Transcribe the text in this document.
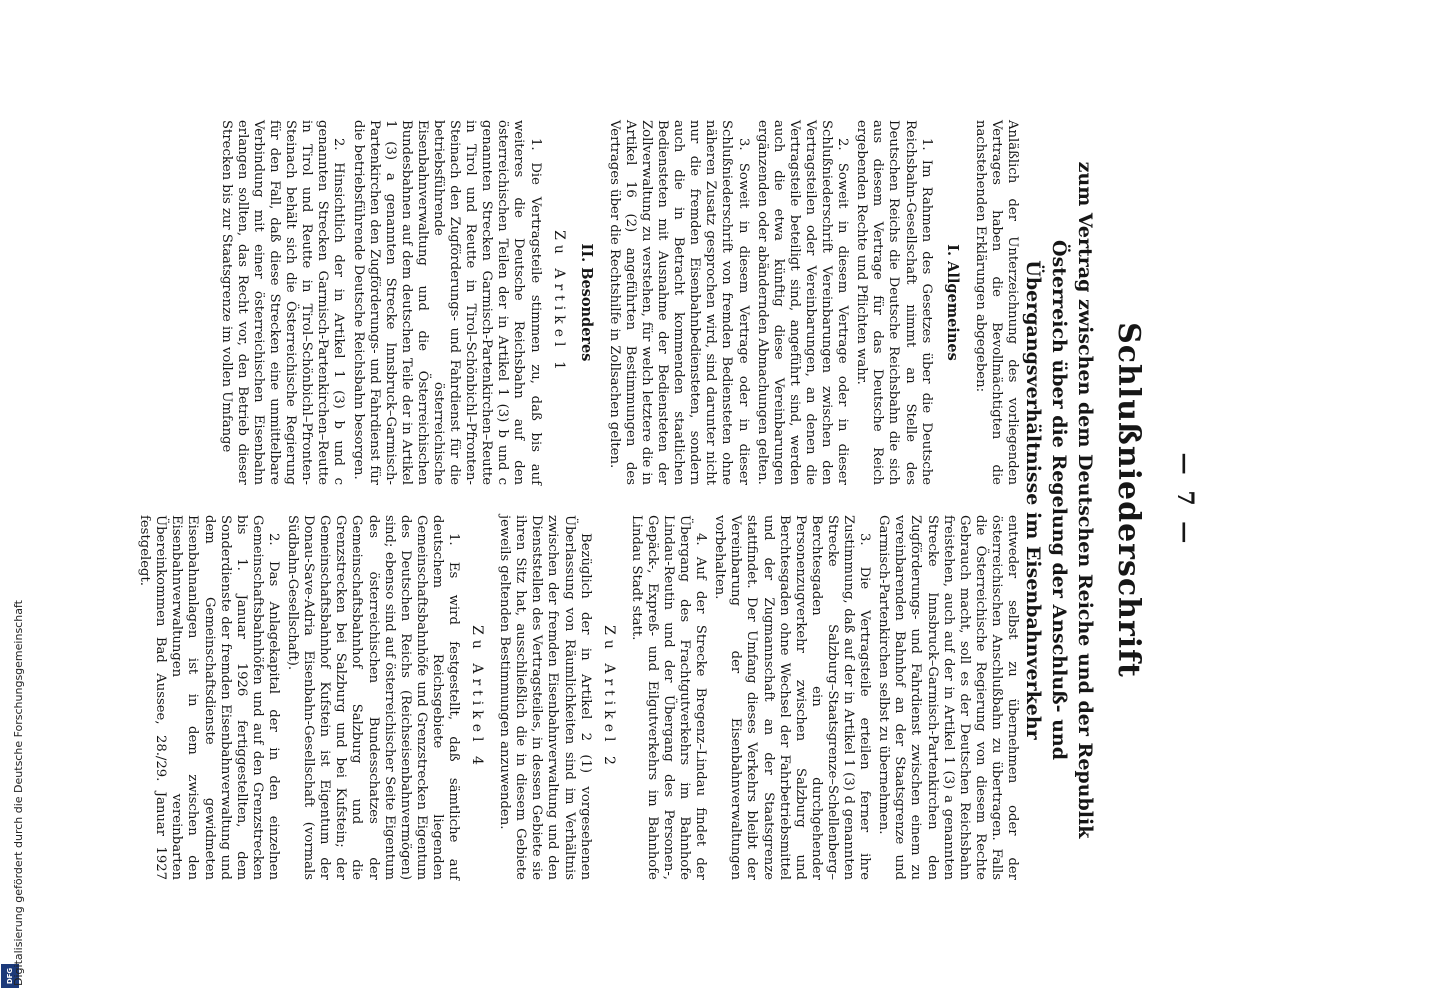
DFG
Digitalisierung gefördert durch die Deutsche Forschungsgemeinschaft
— 7 —
Schlußniederschrift
zum Vertrag zwischen dem Deutschen Reiche und der Republik Österreich über die Regelung der Anschluß- und Übergangsverhältnisse im Eisenbahnverkehr

Anläßlich der Unterzeichnung des vorliegenden Vertrages haben die Bevollmächtigten die nachstehenden Erklärungen abgegeben:

I. Allgemeines

1. Im Rahmen des Gesetzes über die Deutsche Reichsbahn-Gesellschaft nimmt an Stelle des Deutschen Reichs die Deutsche Reichsbahn die sich aus diesem Vertrage für das Deutsche Reich ergebenden Rechte und Pflichten wahr.

2. Soweit in diesem Vertrage oder in dieser Schlußniederschrift Vereinbarungen zwischen den Vertragsteilen oder Vereinbarungen, an denen die Vertragsteile beteiligt sind, angeführt sind, werden auch die etwa künftig diese Vereinbarungen ergänzenden oder abändernden Abmachungen gelten.

3. Soweit in diesem Vertrage oder in dieser Schlußniederschrift von fremden Bediensteten ohne näheren Zusatz gesprochen wird, sind darunter nicht nur die fremden Eisenbahnbediensteten, sondern auch die in Betracht kommenden staatlichen Bediensteten mit Ausnahme der Bediensteten der Zollverwaltung zu verstehen, für welch letztere die in Artikel 16 (2) angeführten Bestimmungen des Vertrages über die Rechtshilfe in Zollsachen gelten.

II. Besonderes
Zu Artikel 1

1. Die Vertragsteile stimmen zu, daß bis auf weiteres die Deutsche Reichsbahn auf den österreichischen Teilen der in Artikel 1 (3) b und c genannten Strecken Garmisch-Partenkirchen–Reutte in Tirol und Reutte in Tirol–Schönbichl–Pfronten-Steinach den Zugförderungs- und Fahrdienst für die betriebsführende österreichische Eisenbahnverwaltung und die Österreichischen Bundesbahnen auf dem deutschen Teile der in Artikel 1 (3) a genannten Strecke Innsbruck–Garmisch-Partenkirchen den Zugförderungs- und Fahrdienst für die betriebsführende Deutsche Reichsbahn besorgen.

2. Hinsichtlich der in Artikel 1 (3) b und c genannten Strecken Garmisch-Partenkirchen–Reutte in Tirol und Reutte in Tirol–Schönbichl–Pfronten-Steinach behält sich die Österreichische Regierung für den Fall, daß diese Strecken eine unmittelbare Verbindung mit einer österreichischen Eisenbahn erlangen sollten, das Recht vor, den Betrieb dieser Strecken bis zur Staatsgrenze im vollen Umfange

entweder selbst zu übernehmen oder der österreichischen Anschlußbahn zu übertragen. Falls die Österreichische Regierung von diesem Rechte Gebrauch macht, soll es der Deutschen Reichsbahn freistehen, auch auf der in Artikel 1 (3) a genannten Strecke Innsbruck–Garmisch-Partenkirchen den Zugförderungs- und Fahrdienst zwischen einem zu vereinbarenden Bahnhof an der Staatsgrenze und Garmisch-Partenkirchen selbst zu übernehmen.

3. Die Vertragsteile erteilen ferner ihre Zustimmung, daß auf der in Artikel 1 (3) d genannten Strecke Salzburg–Staatsgrenze–Schellenberg–Berchtesgaden ein durchgehender Personenzugverkehr zwischen Salzburg und Berchtesgaden ohne Wechsel der Fahrbetriebsmittel und der Zugmannschaft an der Staatsgrenze stattfindet. Der Umfang dieses Verkehrs bleibt der Vereinbarung der Eisenbahnverwaltungen vorbehalten.

4. Auf der Strecke Bregenz–Lindau findet der Übergang des Frachtgutverkehrs im Bahnhofe Lindau-Reutin und der Übergang des Personen-, Gepäck-, Expreß- und Eilgutverkehrs im Bahnhofe Lindau Stadt statt.

Zu Artikel 2

Bezüglich der in Artikel 2 (1) vorgesehenen Überlassung von Räumlichkeiten sind im Verhältnis zwischen der fremden Eisenbahnverwaltung und den Dienststellen des Vertragsteiles, in dessen Gebiete sie ihren Sitz hat, ausschließlich die in diesem Gebiete jeweils geltenden Bestimmungen anzuwenden.

Zu Artikel 4

1. Es wird festgestellt, daß sämtliche auf deutschem Reichsgebiete liegenden Gemeinschaftsbahnhöfe und Grenzstrecken Eigentum des Deutschen Reichs (Reichseisenbahnvermögen) sind; ebenso sind auf österreichischer Seite Eigentum des österreichischen Bundesschatzes der Gemeinschaftsbahnhof Salzburg und die Grenzstrecken bei Salzburg und bei Kufstein; der Gemeinschaftsbahnhof Kufstein ist Eigentum der Donau-Save-Adria Eisenbahn-Gesellschaft (vormals Südbahn-Gesellschaft).

2. Das Anlagekapital der in den einzelnen Gemeinschaftsbahnhöfen und auf den Grenzstrecken bis 1. Januar 1926 fertiggestellten, dem Sonderdienste der fremden Eisenbahnverwaltung und dem Gemeinschaftsdienste gewidmeten Eisenbahnanlagen ist in dem zwischen den Eisenbahnverwaltungen vereinbarten Übereinkommen Bad Aussee, 28./29. Januar 1927 festgelegt.
